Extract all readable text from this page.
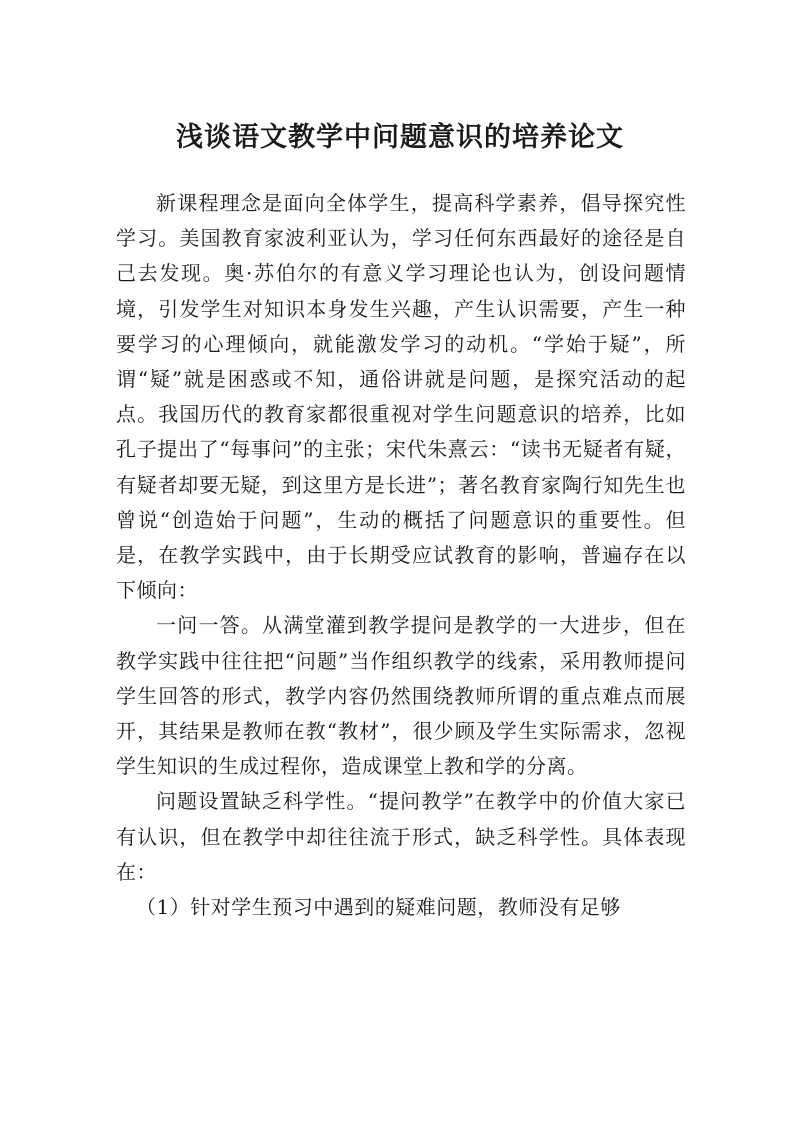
浅谈语文教学中问题意识的培养论文

新课程理念是面向全体学生，提高科学素养，倡导探究性学习。美国教育家波利亚认为，学习任何东西最好的途径是自己去发现。奥·苏伯尔的有意义学习理论也认为，创设问题情境，引发学生对知识本身发生兴趣，产生认识需要，产生一种要学习的心理倾向，就能激发学习的动机。“学始于疑”，所谓“疑”就是困惑或不知，通俗讲就是问题，是探究活动的起点。我国历代的教育家都很重视对学生问题意识的培养，比如孔子提出了“每事问”的主张；宋代朱熹云：“读书无疑者有疑，有疑者却要无疑，到这里方是长进”；著名教育家陶行知先生也曾说“创造始于问题”，生动的概括了问题意识的重要性。但是，在教学实践中，由于长期受应试教育的影响，普遍存在以下倾向：

一问一答。从满堂灌到教学提问是教学的一大进步，但在教学实践中往往把“问题”当作组织教学的线索，采用教师提问学生回答的形式，教学内容仍然围绕教师所谓的重点难点而展开，其结果是教师在教“教材”，很少顾及学生实际需求，忽视学生知识的生成过程你，造成课堂上教和学的分离。

问题设置缺乏科学性。“提问教学”在教学中的价值大家已有认识，但在教学中却往往流于形式，缺乏科学性。具体表现在：

（1）针对学生预习中遇到的疑难问题，教师没有足够
